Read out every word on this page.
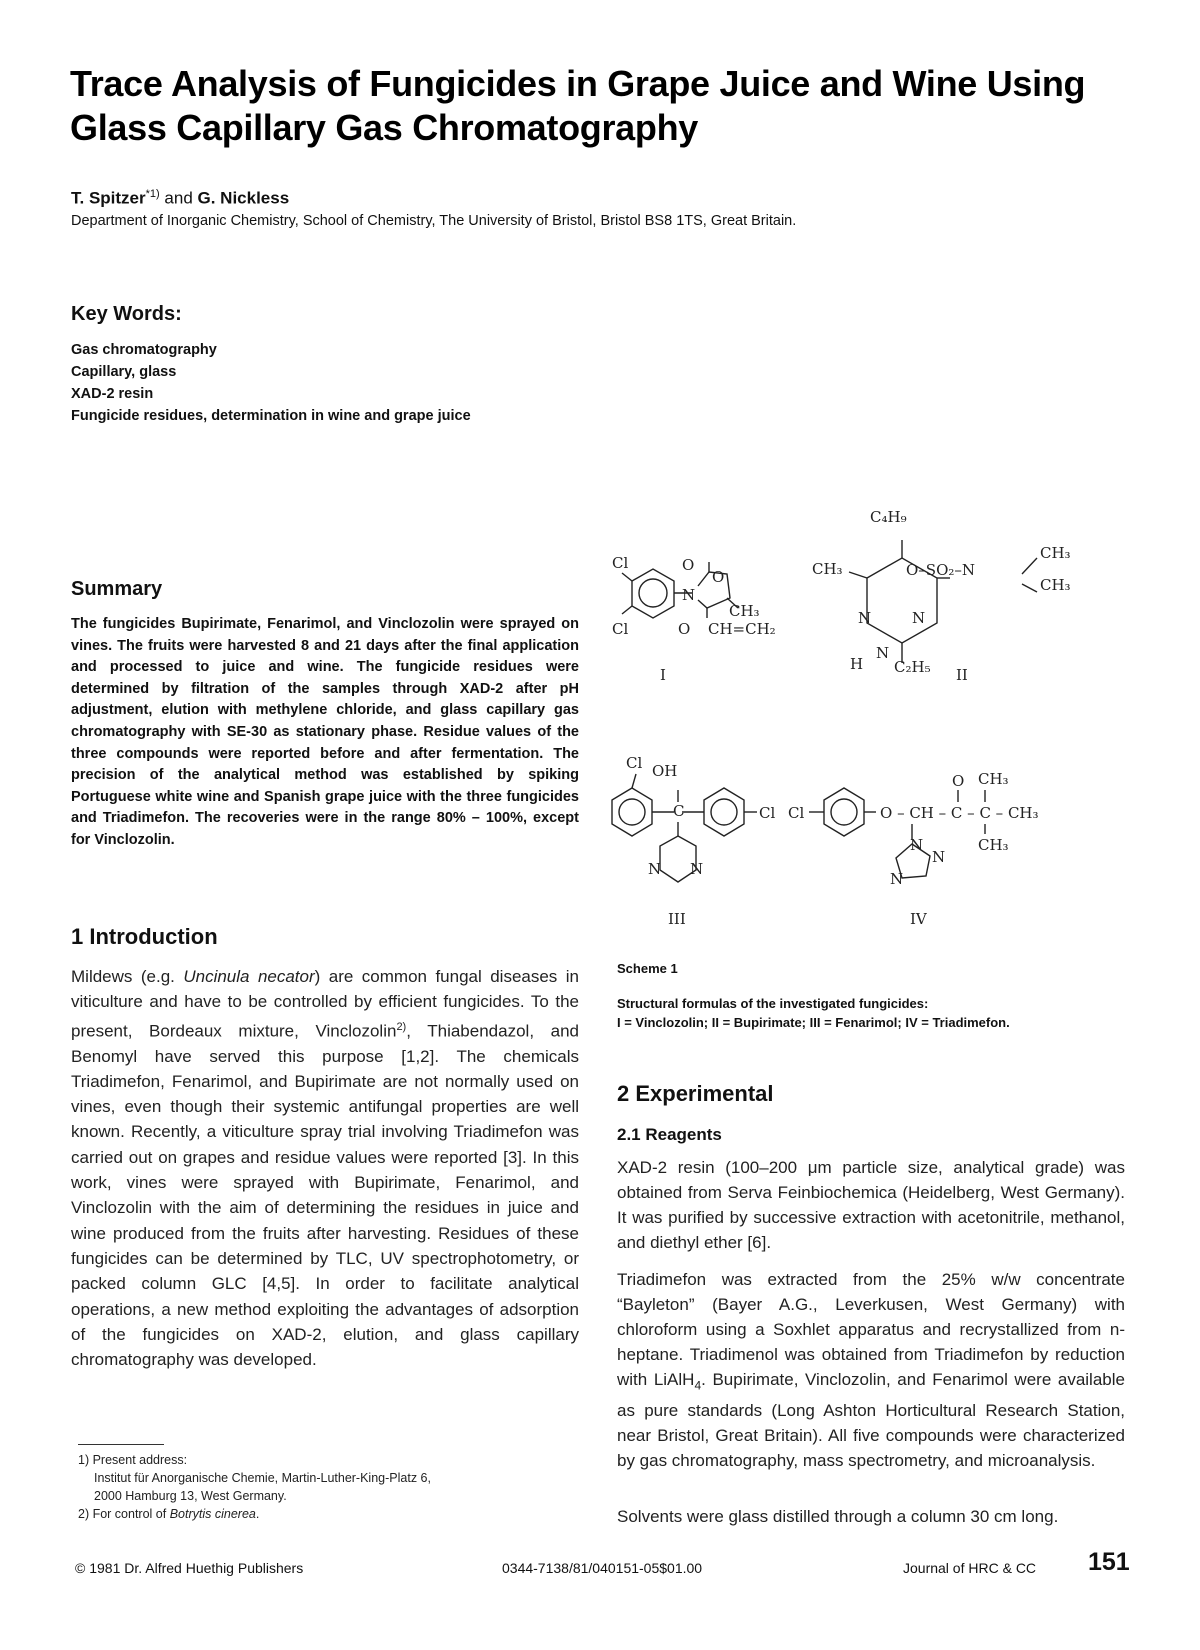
Trace Analysis of Fungicides in Grape Juice and Wine Using
Glass Capillary Gas Chromatography
T. Spitzer$^{*1)}$ and G. Nickless
Department of Inorganic Chemistry, School of Chemistry, The University of Bristol, Bristol BS8 1TS, Great Britain.
Key Words:
Gas chromatography
Capillary, glass
XAD-2 resin
Fungicide residues, determination in wine and grape juice
Summary
The fungicides Bupirimate, Fenarimol, and Vinclozolin were sprayed on vines. The fruits were harvested 8 and 21 days after the final application and processed to juice and wine. The fungicide residues were determined by filtration of the samples through XAD-2 after pH adjustment, elution with methylene chloride, and glass capillary gas chromatography with SE-30 as stationary phase. Residue values of the three compounds were reported before and after fermentation. The precision of the analytical method was established by spiking Portuguese white wine and Spanish grape juice with the three fungicides and Triadimefon. The recoveries were in the range 80% – 100%, except for Vinclozolin.
1 Introduction
Mildews (e.g. Uncinula necator) are common fungal diseases in viticulture and have to be controlled by efficient fungicides. To the present, Bordeaux mixture, Vinclozolin$^{2)}$, Thiabendazol, and Benomyl have served this purpose [1,2]. The chemicals Triadimefon, Fenarimol, and Bupirimate are not normally used on vines, even though their systemic antifungal properties are well known. Recently, a viticulture spray trial involving Triadimefon was carried out on grapes and residue values were reported [3]. In this work, vines were sprayed with Bupirimate, Fenarimol, and Vinclozolin with the aim of determining the residues in juice and wine produced from the fruits after harvesting. Residues of these fungicides can be determined by TLC, UV spectrophotometry, or packed column GLC [4,5]. In order to facilitate analytical operations, a new method exploiting the advantages of adsorption of the fungicides on XAD-2, elution, and glass capillary chromatography was developed.
1) Present address:
Institut für Anorganische Chemie, Martin-Luther-King-Platz 6,
2000 Hamburg 13, West Germany.
2) For control of Botrytis cinerea.
Cl
Cl
O
O
N
O
CH₃
CH=CH₂
C₄H₉
CH₃	O–SO₂–N
CH₃
CH₃
N	N
H
N
C₂H₅
Cl OH
C	Cl
N N
Cl	O – CH – C – C – CH₃
O CH₃
CH₃
N
N
N
I	II
III	IV
Scheme 1
Structural formulas of the investigated fungicides:
I = Vinclozolin; II = Bupirimate; III = Fenarimol; IV = Triadimefon.
2 Experimental
2.1 Reagents
XAD-2 resin (100–200 μm particle size, analytical grade) was obtained from Serva Feinbiochemica (Heidelberg, West Germany). It was purified by successive extraction with acetonitrile, methanol, and diethyl ether [6].
Triadimefon was extracted from the 25% w/w concentrate “Bayleton” (Bayer A.G., Leverkusen, West Germany) with chloroform using a Soxhlet apparatus and recrystallized from n-heptane. Triadimenol was obtained from Triadimefon by reduction with LiAlH$_4$. Bupirimate, Vinclozolin, and Fenarimol were available as pure standards (Long Ashton Horticultural Research Station, near Bristol, Great Britain). All five compounds were characterized by gas chromatography, mass spectrometry, and microanalysis.
Solvents were glass distilled through a column 30 cm long.
© 1981 Dr. Alfred Huethig Publishers	0344-7138/81/040151-05$01.00	Journal of HRC & CC 151
